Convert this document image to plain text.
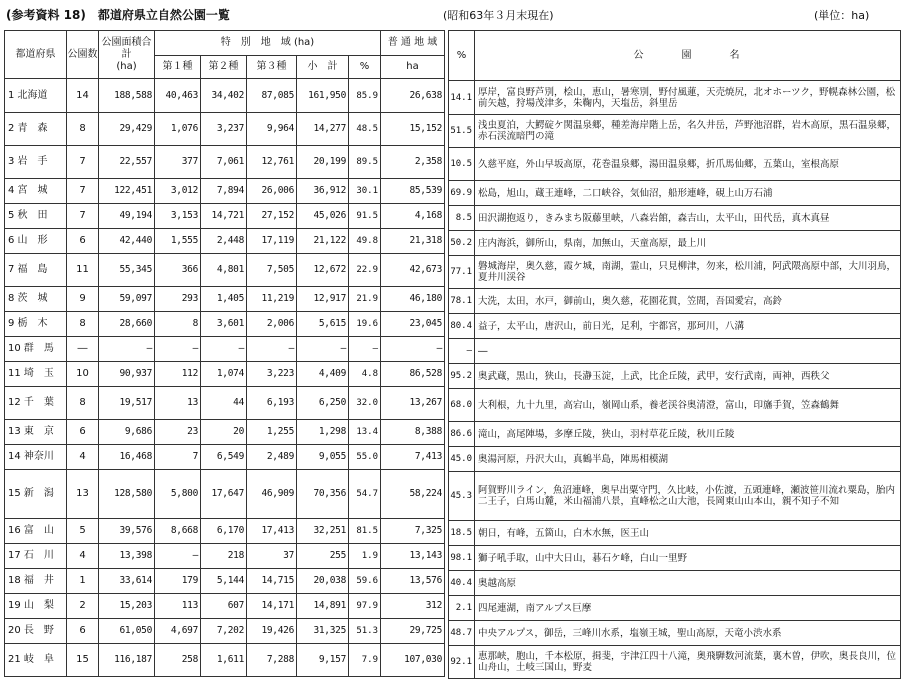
(参考資料 18)　都道府県立自然公園一覧	(昭和63年３月末現在)	(単位：ha)
都道府県	公園数	公園面積合　計
(ha)	特　別　地　域 (ha)					普 通 地 域
			第１種	第２種	第３種	小　計	%	ha
1 北海道	14	188,588	40,463	34,402	87,085	161,950	85.9	26,638
2 青　森	8	29,429	1,076	3,237	9,964	14,277	48.5	15,152
3 岩　手	7	22,557	377	7,061	12,761	20,199	89.5	2,358
4 宮　城	7	122,451	3,012	7,894	26,006	36,912	30.1	85,539
5 秋　田	7	49,194	3,153	14,721	27,152	45,026	91.5	4,168
6 山　形	6	42,440	1,555	2,448	17,119	21,122	49.8	21,318
7 福　島	11	55,345	366	4,801	7,505	12,672	22.9	42,673
8 茨　城	9	59,097	293	1,405	11,219	12,917	21.9	46,180
9 栃　木	8	28,660	8	3,601	2,006	5,615	19.6	23,045
10 群　馬	―	―	―	―	―	―	―	―
11 埼　玉	10	90,937	112	1,074	3,223	4,409	4.8	86,528
12 千　葉	8	19,517	13	44	6,193	6,250	32.0	13,267
13 東　京	6	9,686	23	20	1,255	1,298	13.4	8,388
14 神奈川	4	16,468	7	6,549	2,489	9,055	55.0	7,413
15 新　潟	13	128,580	5,800	17,647	46,909	70,356	54.7	58,224
16 富　山	5	39,576	8,668	6,170	17,413	32,251	81.5	7,325
17 石　川	4	13,398	―	218	37	255	1.9	13,143
18 福　井	1	33,614	179	5,144	14,715	20,038	59.6	13,576
19 山　梨	2	15,203	113	607	14,171	14,891	97.9	312
20 長　野	6	61,050	4,697	7,202	19,426	31,325	51.3	29,725
21 岐　阜	15	116,187	258	1,611	7,288	9,157	7.9	107,030
%	公　　　園　　　名
14.1	厚岸，富良野芦別，桧山，恵山，暑寒別，野付風蓮，天売焼尻，北オホーツク，野幌森林公園，松前矢越，狩場茂津多，朱鞠内，天塩岳，斜里岳
51.5	浅虫夏泊，大鰐碇ケ関温泉郷，種差海岸階上岳，名久井岳，芦野池沼群，岩木高原，黒石温泉郷，赤石渓流暗門の滝
10.5	久慈平庭，外山早坂高原，花巻温泉郷，湯田温泉郷，折爪馬仙郷，五葉山，室根高原
69.9	松島，旭山，蔵王連峰，二口峡谷，気仙沼，船形連峰，硯上山万石浦
8.5	田沢湖抱返り，きみまち阪藤里峡，八森岩館，森吉山，太平山，田代岳，真木真昼
50.2	庄内海浜，御所山，県南，加無山，天童高原，最上川
77.1	磐城海岸，奥久慈，霞ケ城，南湖，霊山，只見柳津，勿来，松川浦，阿武隈高原中部，大川羽鳥，夏井川渓谷
78.1	大洗，太田，水戸，御前山，奥久慈，花園花貫，笠間，吾国愛宕，高鈴
80.4	益子，太平山，唐沢山，前日光，足利，宇都宮，那珂川，八溝
―	―
95.2	奥武蔵，黒山，狭山，長瀞玉淀，上武，比企丘陵，武甲，安行武南，両神，西秩父
68.0	大利根，九十九里，高宕山，嶺岡山系，養老渓谷奥清澄，富山，印旛手賀，笠森鶴舞
86.6	滝山，高尾陣場，多摩丘陵，狭山，羽村草花丘陵，秋川丘陵
45.0	奥湯河原，丹沢大山，真鶴半島，陣馬相模湖
45.3	阿賀野川ライン，魚沼連峰，奥早出粟守門，久比岐，小佐渡，五頭連峰，瀬波笹川流れ粟島，胎内二王子，白馬山麓，米山福浦八景，直峰松之山大池，長岡東山山本山，親不知子不知
18.5	朝日，有峰，五箇山，白木水無，医王山
98.1	獅子吼手取，山中大日山，碁石ケ峰，白山一里野
40.4	奥越高原
2.1	四尾連湖，南アルプス巨摩
48.7	中央アルプス，御岳，三峰川水系，塩嶺王城，聖山高原，天竜小渋水系
92.1	恵那峡，胞山，千本松原，揖斐，宇津江四十八滝，奥飛騨数河流葉，裏木曽，伊吹，奥長良川，位山舟山，土岐三国山，野麦
